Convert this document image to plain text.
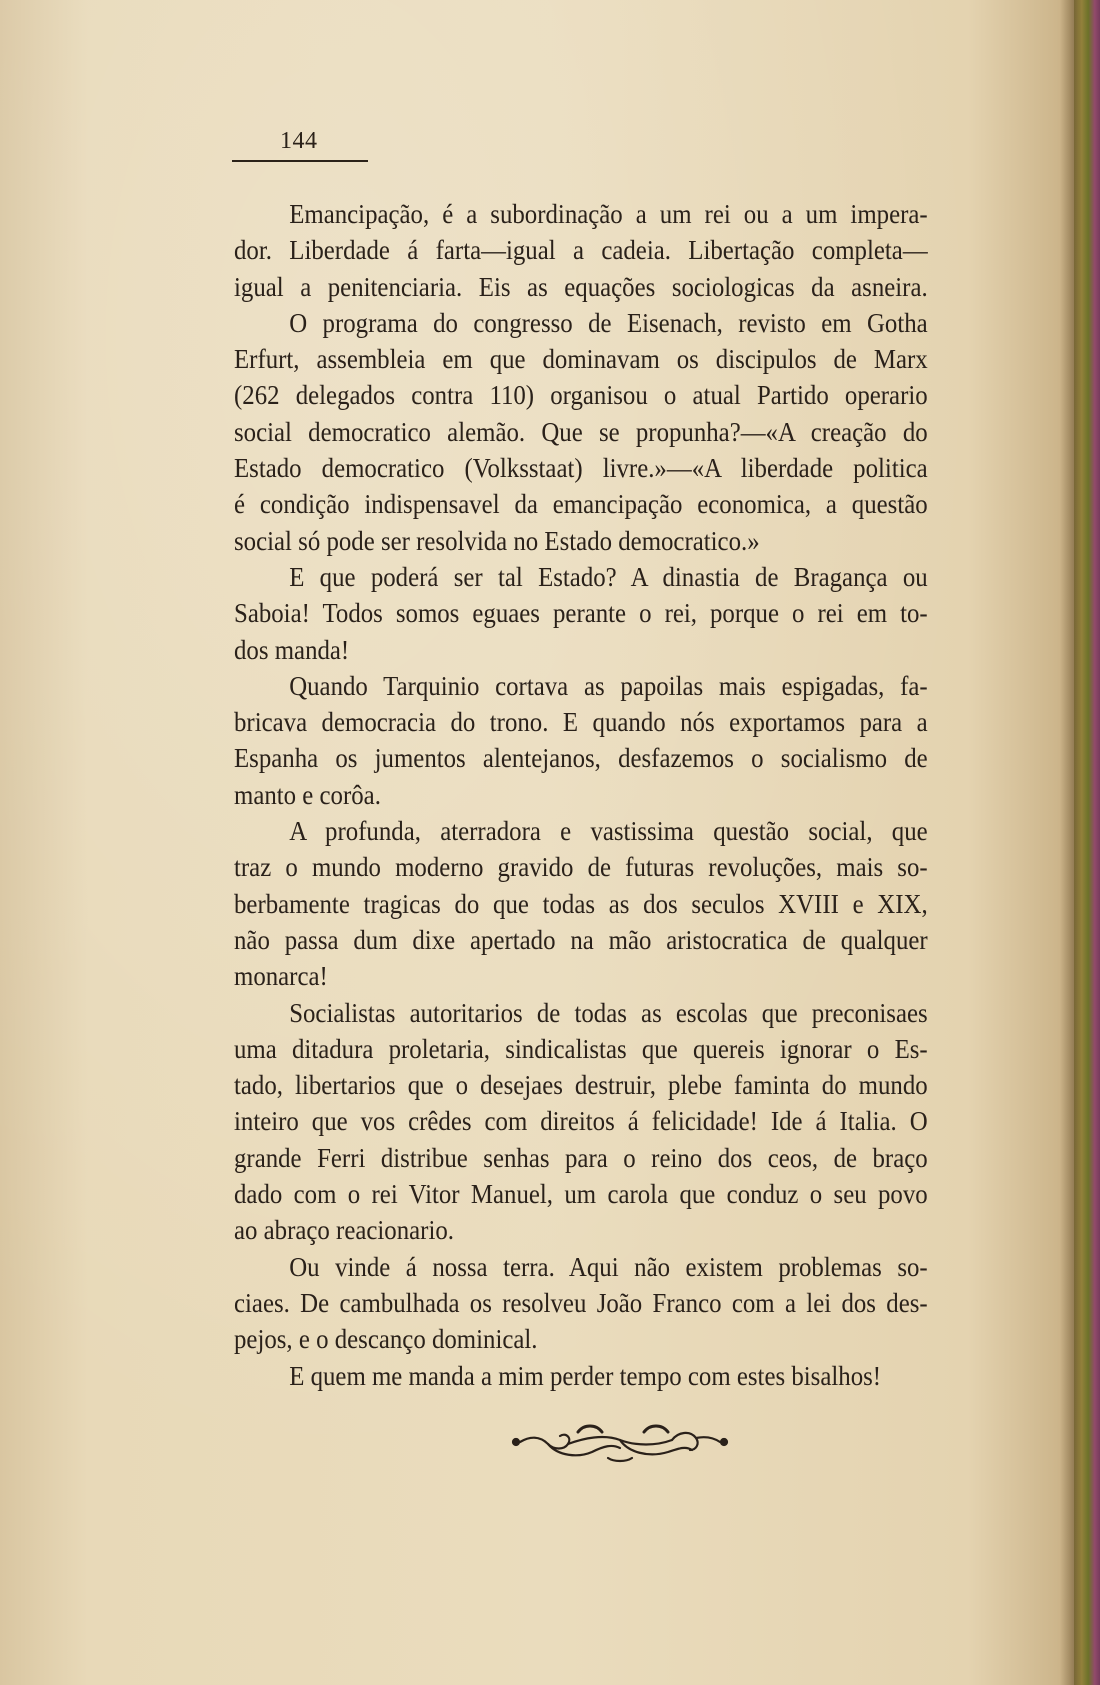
144
Emancipação, é a subordinação a um rei ou a um impera-
dor. Liberdade á farta—igual a cadeia. Libertação completa—
igual a penitenciaria. Eis as equações sociologicas da asneira.
O programa do congresso de Eisenach, revisto em Gotha
Erfurt, assembleia em que dominavam os discipulos de Marx
(262 delegados contra 110) organisou o atual Partido operario
social democratico alemão. Que se propunha?—«A creação do
Estado democratico (Volksstaat) livre.»—«A liberdade politica
é condição indispensavel da emancipação economica, a questão
social só pode ser resolvida no Estado democratico.»
E que poderá ser tal Estado? A dinastia de Bragança ou
Saboia! Todos somos eguaes perante o rei, porque o rei em to-
dos manda!
Quando Tarquinio cortava as papoilas mais espigadas, fa-
bricava democracia do trono. E quando nós exportamos para a
Espanha os jumentos alentejanos, desfazemos o socialismo de
manto e corôa.
A profunda, aterradora e vastissima questão social, que
traz o mundo moderno gravido de futuras revoluções, mais so-
berbamente tragicas do que todas as dos seculos XVIII e XIX,
não passa dum dixe apertado na mão aristocratica de qualquer
monarca!
Socialistas autoritarios de todas as escolas que preconisaes
uma ditadura proletaria, sindicalistas que quereis ignorar o Es-
tado, libertarios que o desejaes destruir, plebe faminta do mundo
inteiro que vos crêdes com direitos á felicidade! Ide á Italia. O
grande Ferri distribue senhas para o reino dos ceos, de braço
dado com o rei Vitor Manuel, um carola que conduz o seu povo
ao abraço reacionario.
Ou vinde á nossa terra. Aqui não existem problemas so-
ciaes. De cambulhada os resolveu João Franco com a lei dos des-
pejos, e o descanço dominical.
E quem me manda a mim perder tempo com estes bisalhos!
